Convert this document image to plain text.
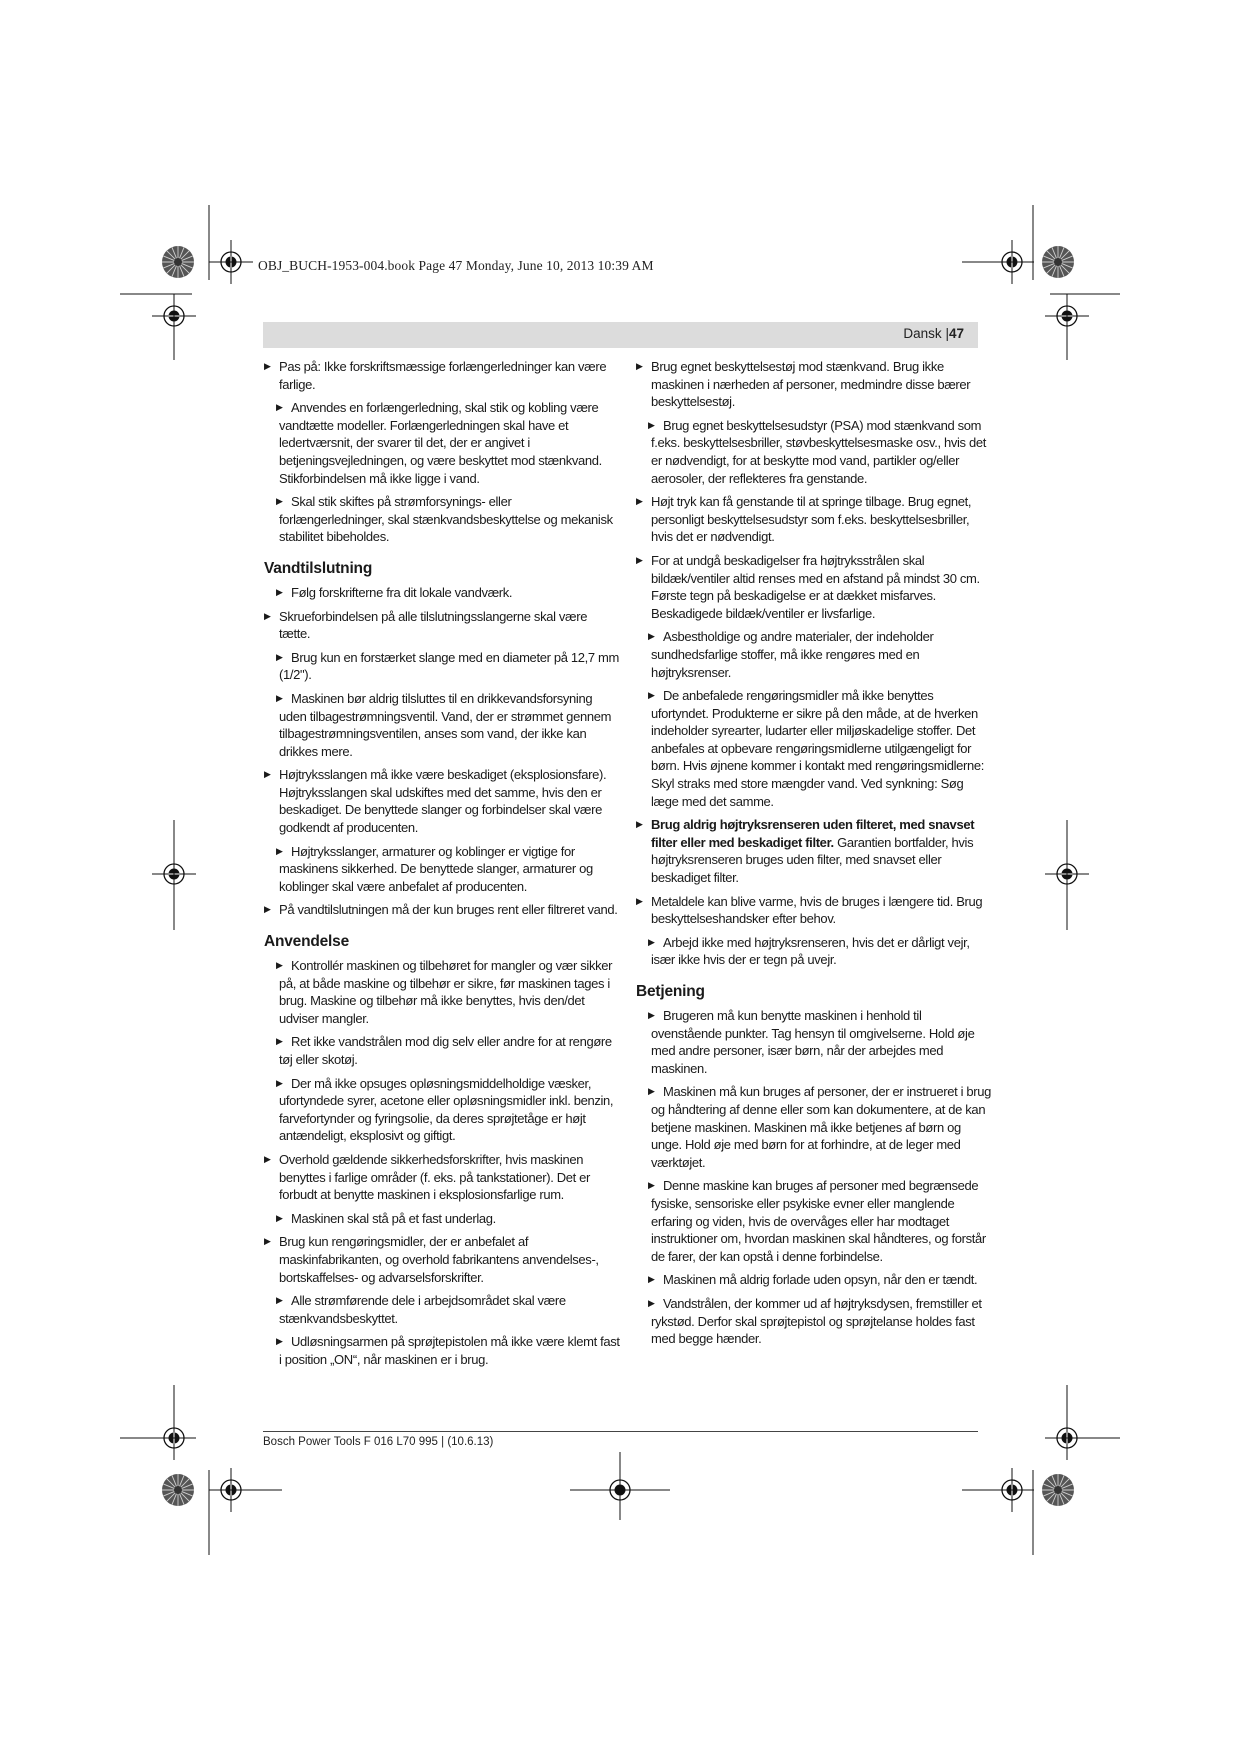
OBJ_BUCH-1953-004.book Page 47 Monday, June 10, 2013 10:39 AM
Dansk |47
▶ Pas på: Ikke forskriftsmæssige forlængerledninger kan være farlige.
▶ Anvendes en forlængerledning, skal stik og kobling være vandtætte modeller. Forlængerledningen skal have et ledertværsnit, der svarer til det, der er angivet i betjeningsvejledningen, og være beskyttet mod stænkvand. Stikforbindelsen må ikke ligge i vand.
▶ Skal stik skiftes på strømforsynings- eller forlængerledninger, skal stænkvandsbeskyttelse og mekanisk stabilitet bibeholdes.
Vandtilslutning
▶ Følg forskrifterne fra dit lokale vandværk.
▶ Skrueforbindelsen på alle tilslutningsslangerne skal være tætte.
▶ Brug kun en forstærket slange med en diameter på 12,7 mm (1/2").
▶ Maskinen bør aldrig tilsluttes til en drikkevandsforsyning uden tilbagestrømningsventil. Vand, der er strømmet gennem tilbagestrømningsventilen, anses som vand, der ikke kan drikkes mere.
▶ Højtryksslangen må ikke være beskadiget (eksplosionsfare). Højtryksslangen skal udskiftes med det samme, hvis den er beskadiget. De benyttede slanger og forbindelser skal være godkendt af producenten.
▶ Højtryksslanger, armaturer og koblinger er vigtige for maskinens sikkerhed. De benyttede slanger, armaturer og koblinger skal være anbefalet af producenten.
▶ På vandtilslutningen må der kun bruges rent eller filtreret vand.
Anvendelse
▶ Kontrollér maskinen og tilbehøret for mangler og vær sikker på, at både maskine og tilbehør er sikre, før maskinen tages i brug. Maskine og tilbehør må ikke benyttes, hvis den/det udviser mangler.
▶ Ret ikke vandstrålen mod dig selv eller andre for at rengøre tøj eller skotøj.
▶ Der må ikke opsuges opløsningsmiddelholdige væsker, ufortyndede syrer, acetone eller opløsningsmidler inkl. benzin, farvefortynder og fyringsolie, da deres sprøjtetåge er højt antændeligt, eksplosivt og giftigt.
▶ Overhold gældende sikkerhedsforskrifter, hvis maskinen benyttes i farlige områder (f. eks. på tankstationer). Det er forbudt at benytte maskinen i eksplosionsfarlige rum.
▶ Maskinen skal stå på et fast underlag.
▶ Brug kun rengøringsmidler, der er anbefalet af maskinfabrikanten, og overhold fabrikantens anvendelses-, bortskaffelses- og advarselsforskrifter.
▶ Alle strømførende dele i arbejdsområdet skal være stænkvandsbeskyttet.
▶ Udløsningsarmen på sprøjtepistolen må ikke være klemt fast i position „ON“, når maskinen er i brug.
▶ Brug egnet beskyttelsestøj mod stænkvand. Brug ikke maskinen i nærheden af personer, medmindre disse bærer beskyttelsestøj.
▶ Brug egnet beskyttelsesudstyr (PSA) mod stænkvand som f.eks. beskyttelsesbriller, støvbeskyttelsesmaske osv., hvis det er nødvendigt, for at beskytte mod vand, partikler og/eller aerosoler, der reflekteres fra genstande.
▶ Højt tryk kan få genstande til at springe tilbage. Brug egnet, personligt beskyttelsesudstyr som f.eks. beskyttelsesbriller, hvis det er nødvendigt.
▶ For at undgå beskadigelser fra højtryksstrålen skal bildæk/ventiler altid renses med en afstand på mindst 30 cm. Første tegn på beskadigelse er at dækket misfarves. Beskadigede bildæk/ventiler er livsfarlige.
▶ Asbestholdige og andre materialer, der indeholder sundhedsfarlige stoffer, må ikke rengøres med en højtryksrenser.
▶ De anbefalede rengøringsmidler må ikke benyttes ufortyndet. Produkterne er sikre på den måde, at de hverken indeholder syrearter, ludarter eller miljøskadelige stoffer. Det anbefales at opbevare rengøringsmidlerne utilgængeligt for børn. Hvis øjnene kommer i kontakt med rengøringsmidlerne: Skyl straks med store mængder vand. Ved synkning: Søg læge med det samme.
▶ Brug aldrig højtryksrenseren uden filteret, med snavset filter eller med beskadiget filter. Garantien bortfalder, hvis højtryksrenseren bruges uden filter, med snavset eller beskadiget filter.
▶ Metaldele kan blive varme, hvis de bruges i længere tid. Brug beskyttelseshandsker efter behov.
▶ Arbejd ikke med højtryksrenseren, hvis det er dårligt vejr, især ikke hvis der er tegn på uvejr.
Betjening
▶ Brugeren må kun benytte maskinen i henhold til ovenstående punkter. Tag hensyn til omgivelserne. Hold øje med andre personer, især børn, når der arbejdes med maskinen.
▶ Maskinen må kun bruges af personer, der er instrueret i brug og håndtering af denne eller som kan dokumentere, at de kan betjene maskinen. Maskinen må ikke betjenes af børn og unge. Hold øje med børn for at forhindre, at de leger med værktøjet.
▶ Denne maskine kan bruges af personer med begrænsede fysiske, sensoriske eller psykiske evner eller manglende erfaring og viden, hvis de overvåges eller har modtaget instruktioner om, hvordan maskinen skal håndteres, og forstår de farer, der kan opstå i denne forbindelse.
▶ Maskinen må aldrig forlade uden opsyn, når den er tændt.
▶ Vandstrålen, der kommer ud af højtryksdysen, fremstiller et rykstød. Derfor skal sprøjtepistol og sprøjtelanse holdes fast med begge hænder.
Bosch Power Tools F 016 L70 995 | (10.6.13)
